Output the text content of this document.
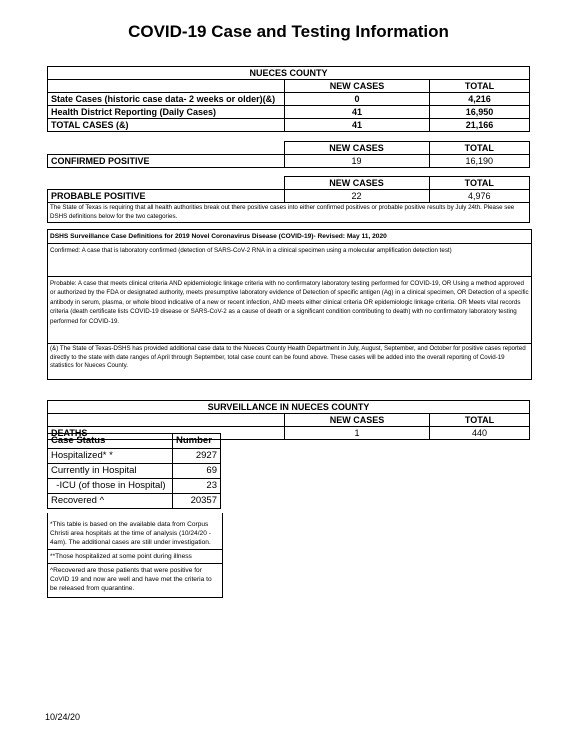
COVID-19 Case and Testing Information
NUECES COUNTY		
	NEW CASES	TOTAL
State Cases (historic case data- 2 weeks or older)(&)	0	4,216
Health District Reporting (Daily Cases)	41	16,950
TOTAL CASES (&)	41	21,166
	NEW CASES	TOTAL
CONFIRMED POSITIVE	19	16,190
	NEW CASES	TOTAL
PROBABLE POSITIVE	22	4,976
The State of Texas is requiring that all health authorities break out there positive cases into either confirmed positives or probable positive results by July 24th. Please see DSHS definitions below for the two categories.		
DSHS Surveillance Case Definitions for 2019 Novel Coronavirus Disease (COVID-19)- Revised: May 11, 2020
Confirmed: A case that is laboratory confirmed (detection of SARS-CoV-2 RNA in a clinical specimen using a molecular amplification detection test)
Probable: A case that meets clinical criteria AND epidemiologic linkage criteria with no confirmatory laboratory testing performed for COVID-19, OR Using a method approved or authorized by the FDA or designated authority, meets presumptive laboratory evidence of Detection of specific antigen (Ag) in a clinical specimen, OR Detection of a specific antibody in serum, plasma, or whole blood indicative of a new or recent infection, AND meets either clinical criteria OR epidemiologic linkage criteria. OR Meets vital records criteria (death certificate lists COVID-19 disease or SARS-CoV-2 as a cause of death or a significant condition contributing to death) with no confirmatory laboratory testing performed for COVID-19.
(&) The State of Texas-DSHS has provided additional case data to the Nueces County Health Department in July, August, September, and October for positive cases reported directly to the state with date ranges of April through September, total case count can be found above. These cases will be added into the overall reporting of Covid-19 statistics for Nueces County.
SURVEILLANCE IN NUECES COUNTY		
	NEW CASES	TOTAL
DEATHS	1	440
Case Status	Number
Hospitalized* *	2927
Currently in Hospital	69
-ICU (of those in Hospital)	23
Recovered ^	20357
*This table is based on the available data from Corpus Christi area hospitals at the time of analysis (10/24/20 - 4am). The additional cases are still under investigation.
**Those hospitalized at some point during illness
^Recovered are those patients that were positive for CoVID 19 and now are well and have met the criteria to be released from quarantine.
10/24/20
